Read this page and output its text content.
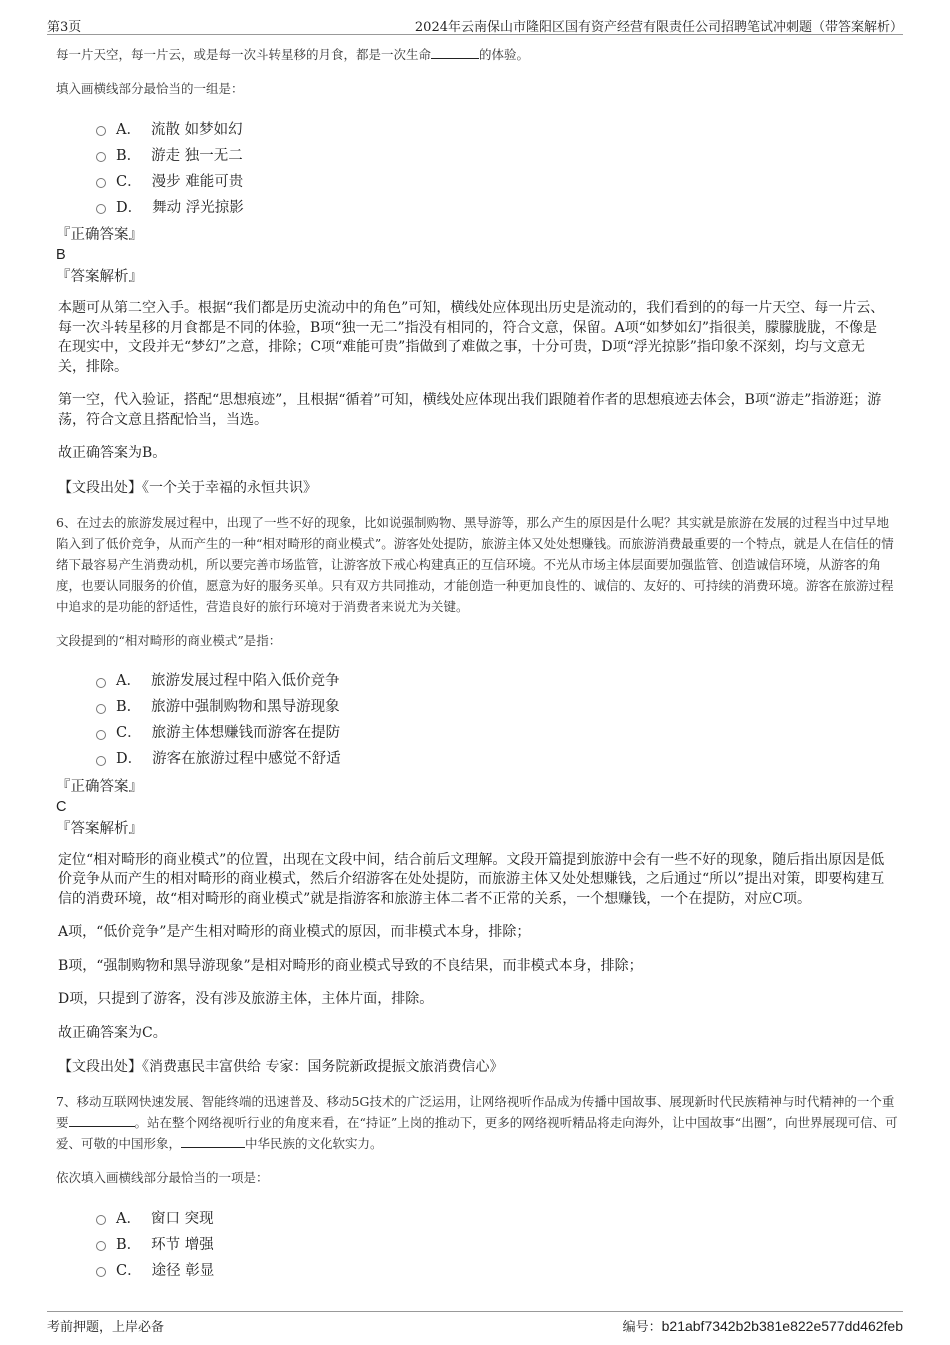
第3页	2024年云南保山市隆阳区国有资产经营有限责任公司招聘笔试冲刺题（带答案解析）

每一片天空，每一片云，或是每一次斗转星移的月食，都是一次生命	的体验。

填入画横线部分最恰当的一组是：

A． 流散 如梦如幻
B． 游走 独一无二
C． 漫步 难能可贵
D． 舞动 浮光掠影

『正确答案』

B

『答案解析』

本题可从第二空入手。根据“我们都是历史流动中的角色”可知，横线处应体现出历史是流动的，我们看到的的每一片天空、每一片云、每一次斗转星移的月食都是不同的体验，B项“独一无二”指没有相同的，符合文意，保留。A项“如梦如幻”指很美，朦朦胧胧，不像是在现实中，文段并无“梦幻”之意，排除；C项“难能可贵”指做到了难做之事，十分可贵，D项“浮光掠影”指印象不深刻，均与文意无关，排除。

第一空，代入验证，搭配“思想痕迹”，且根据“循着”可知，横线处应体现出我们跟随着作者的思想痕迹去体会，B项“游走”指游逛；游荡，符合文意且搭配恰当，当选。

故正确答案为B。

【文段出处】《一个关于幸福的永恒共识》

6、在过去的旅游发展过程中，出现了一些不好的现象，比如说强制购物、黑导游等，那么产生的原因是什么呢？其实就是旅游在发展的过程当中过早地陷入到了低价竞争，从而产生的一种“相对畸形的商业模式”。游客处处提防，旅游主体又处处想赚钱。而旅游消费最重要的一个特点，就是人在信任的情绪下最容易产生消费动机，所以要完善市场监管，让游客放下戒心构建真正的互信环境。不光从市场主体层面要加强监管、创造诚信环境，从游客的角度，也要认同服务的价值，愿意为好的服务买单。只有双方共同推动，才能创造一种更加良性的、诚信的、友好的、可持续的消费环境。游客在旅游过程中追求的是功能的舒适性，营造良好的旅行环境对于消费者来说尤为关键。

文段提到的“相对畸形的商业模式”是指：

A． 旅游发展过程中陷入低价竞争
B． 旅游中强制购物和黑导游现象
C． 旅游主体想赚钱而游客在提防
D． 游客在旅游过程中感觉不舒适

『正确答案』

C

『答案解析』

定位“相对畸形的商业模式”的位置，出现在文段中间，结合前后文理解。文段开篇提到旅游中会有一些不好的现象，随后指出原因是低价竞争从而产生的相对畸形的商业模式，然后介绍游客在处处提防，而旅游主体又处处想赚钱，之后通过“所以”提出对策，即要构建互信的消费环境，故“相对畸形的商业模式”就是指游客和旅游主体二者不正常的关系，一个想赚钱，一个在提防，对应C项。

A项，“低价竞争”是产生相对畸形的商业模式的原因，而非模式本身，排除；

B项，“强制购物和黑导游现象”是相对畸形的商业模式导致的不良结果，而非模式本身，排除；

D项，只提到了游客，没有涉及旅游主体，主体片面，排除。

故正确答案为C。

【文段出处】《消费惠民丰富供给 专家：国务院新政提振文旅消费信心》

7、移动互联网快速发展、智能终端的迅速普及、移动5G技术的广泛运用，让网络视听作品成为传播中国故事、展现新时代民族精神与时代精神的一个重要	。站在整个网络视听行业的角度来看，在“持证”上岗的推动下，更多的网络视听精品将走向海外，让中国故事“出圈”，向世界展现可信、可爱、可敬的中国形象，	中华民族的文化软实力。

依次填入画横线部分最恰当的一项是：

A． 窗口 突现
B． 环节 增强
C． 途径 彰显
考前押题，上岸必备	编号：b21abf7342b2b381e822e577dd462feb
